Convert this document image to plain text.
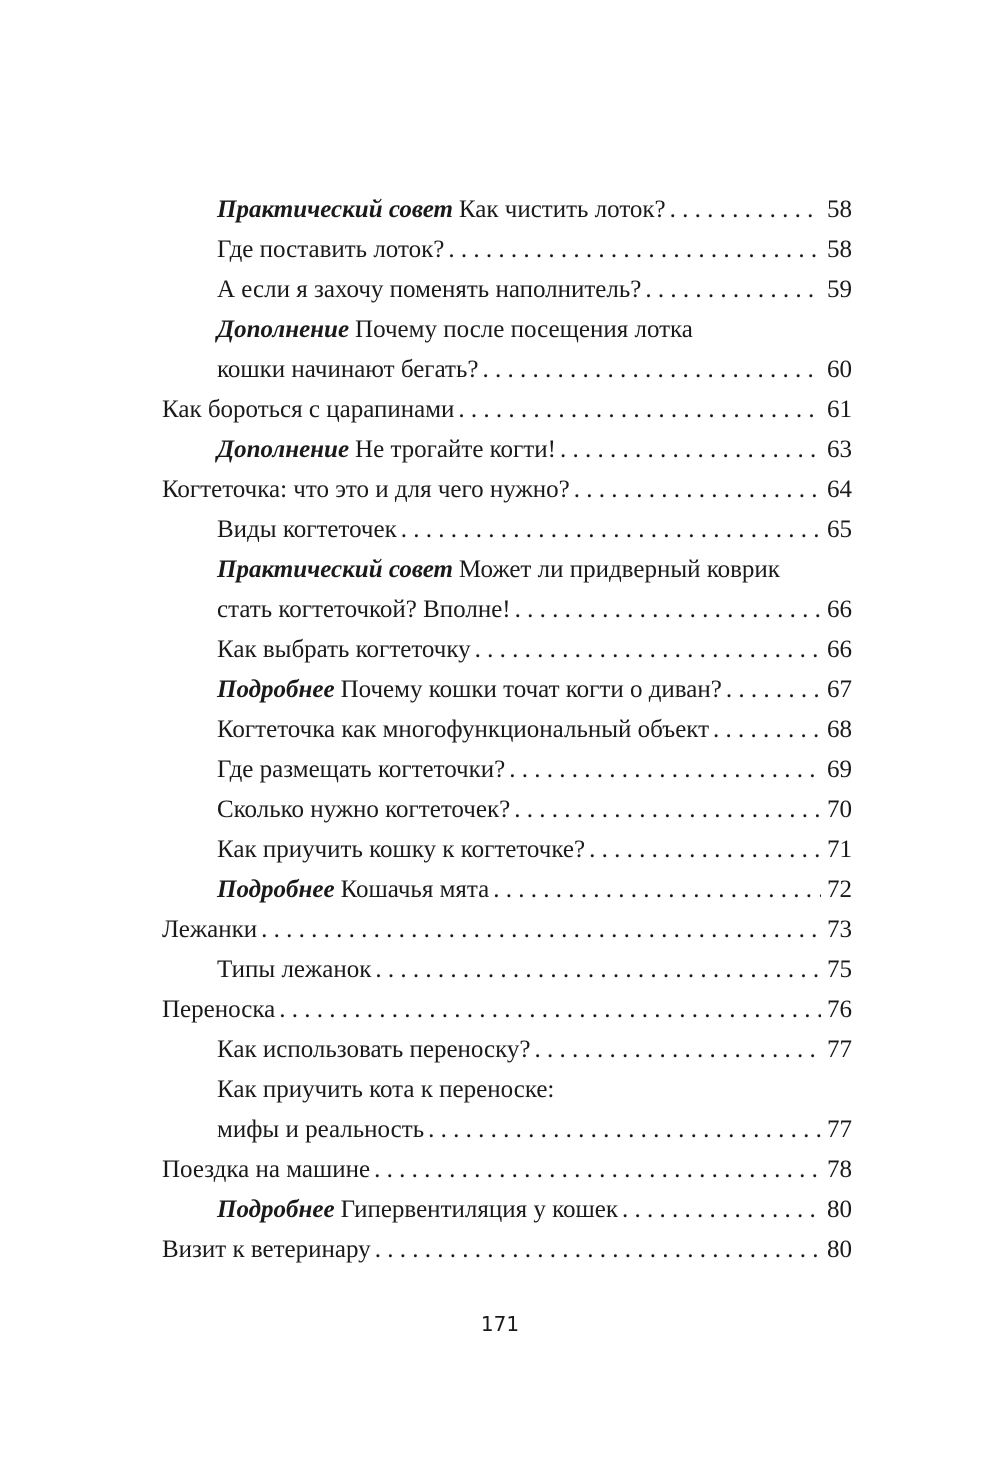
Практический совет Как чистить лоток? . . .	58
Где поставить лоток? . . .	58
А если я захочу поменять наполнитель? . . .	59
Дополнение Почему после посещения лотка
кошки начинают бегать? . . .	60
Как бороться с царапинами . . .	61
Дополнение Не трогайте когти! . . .	63
Когтеточка: что это и для чего нужно? . . .	64
Виды когтеточек . . .	65
Практический совет Может ли придверный коврик
стать когтеточкой? Вполне! . . .	66
Как выбрать когтеточку . . .	66
Подробнее Почему кошки точат когти о диван? . . .	67
Когтеточка как многофункциональный объект . . .	68
Где размещать когтеточки? . . .	69
Сколько нужно когтеточек? . . .	70
Как приучить кошку к когтеточке? . . .	71
Подробнее Кошачья мята . . .	72
Лежанки . . .	73
Типы лежанок . . .	75
Переноска . . .	76
Как использовать переноску? . . .	77
Как приучить кота к переноске:
мифы и реальность . . .	77
Поездка на машине . . .	78
Подробнее Гипервентиляция у кошек . . .	80
Визит к ветеринару . . .	80
171
